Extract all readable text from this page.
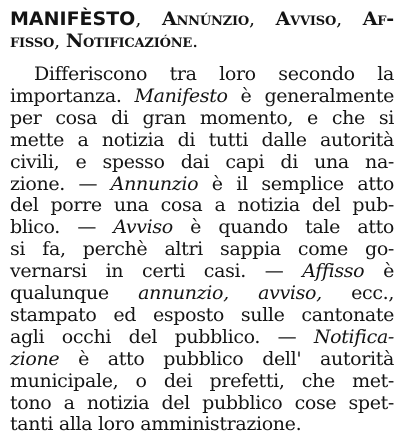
MANIFÈSTO, Annúnzio, Avviso, Af-
fisso, Notificazióne.
Differiscono tra loro secondo la
importanza. Manifesto è generalmente
per cosa di gran momento, e che si
mette a notizia di tutti dalle autorità
civili, e spesso dai capi di una na-
zione. — Annunzio è il semplice atto
del porre una cosa a notizia del pub-
blico. — Avviso è quando tale atto
si fa, perchè altri sappia come go-
vernarsi in certi casi. — Affisso è
qualunque annunzio, avviso, ecc.,
stampato ed esposto sulle cantonate
agli occhi del pubblico. — Notifica-
zione è atto pubblico dell' autorità
municipale, o dei prefetti, che met-
tono a notizia del pubblico cose spet-
tanti alla loro amministrazione.
